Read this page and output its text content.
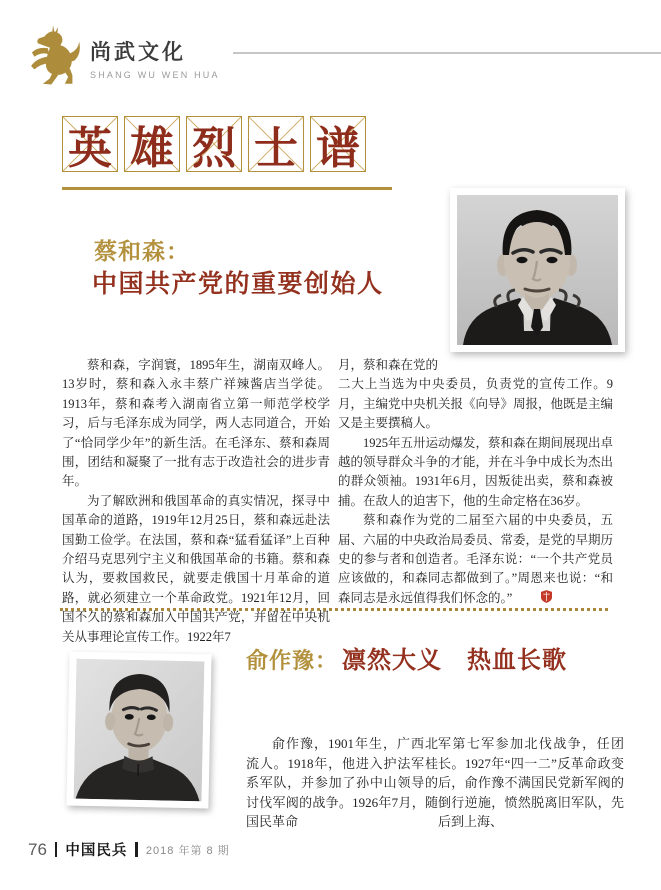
尚武文化
SHANG WU WEN HUA
英 雄 烈 士 谱
蔡和森：
中国共产党的重要创始人

蔡和森，字润寰，1895年生，湖南双峰人。13岁时，蔡和森入永丰蔡广祥辣酱店当学徒。1913年，蔡和森考入湖南省立第一师范学校学习，后与毛泽东成为同学，两人志同道合，开始了“恰同学少年”的新生活。在毛泽东、蔡和森周围，团结和凝聚了一批有志于改造社会的进步青年。

为了解欧洲和俄国革命的真实情况，探寻中国革命的道路，1919年12月25日，蔡和森远赴法国勤工俭学。在法国，蔡和森“猛看猛译”上百种介绍马克思列宁主义和俄国革命的书籍。蔡和森认为，要救国救民，就要走俄国十月革命的道路，就必须建立一个革命政党。1921年12月，回国不久的蔡和森加入中国共产党，并留在中央机关从事理论宣传工作。1922年7

月，蔡和森在党的
二大上当选为中央委员，负责党的宣传工作。9月，主编党中央机关报《向导》周报，他既是主编又是主要撰稿人。

1925年五卅运动爆发，蔡和森在期间展现出卓越的领导群众斗争的才能，并在斗争中成长为杰出的群众领袖。1931年6月，因叛徒出卖，蔡和森被捕。在敌人的迫害下，他的生命定格在36岁。

蔡和森作为党的二届至六届的中央委员，五届、六届的中央政治局委员、常委，是党的早期历史的参与者和创造者。毛泽东说：“一个共产党员应该做的，和森同志都做到了。”周恩来也说：“和森同志是永远值得我们怀念的。”

俞作豫： 凛然大义　热血长歌

俞作豫，1901年生，广西北流人。1918年，他进入护法军桂系军队，并参加了孙中山领导的讨伐军阀的战争。1926年7月，随国民革命

军第七军参加北伐战争，任团长。1927年“四一二”反革命政变后，俞作豫不满国民党新军阀的倒行逆施，愤然脱离旧军队，先后到上海、

76 中国民兵 2018 年第 8 期
